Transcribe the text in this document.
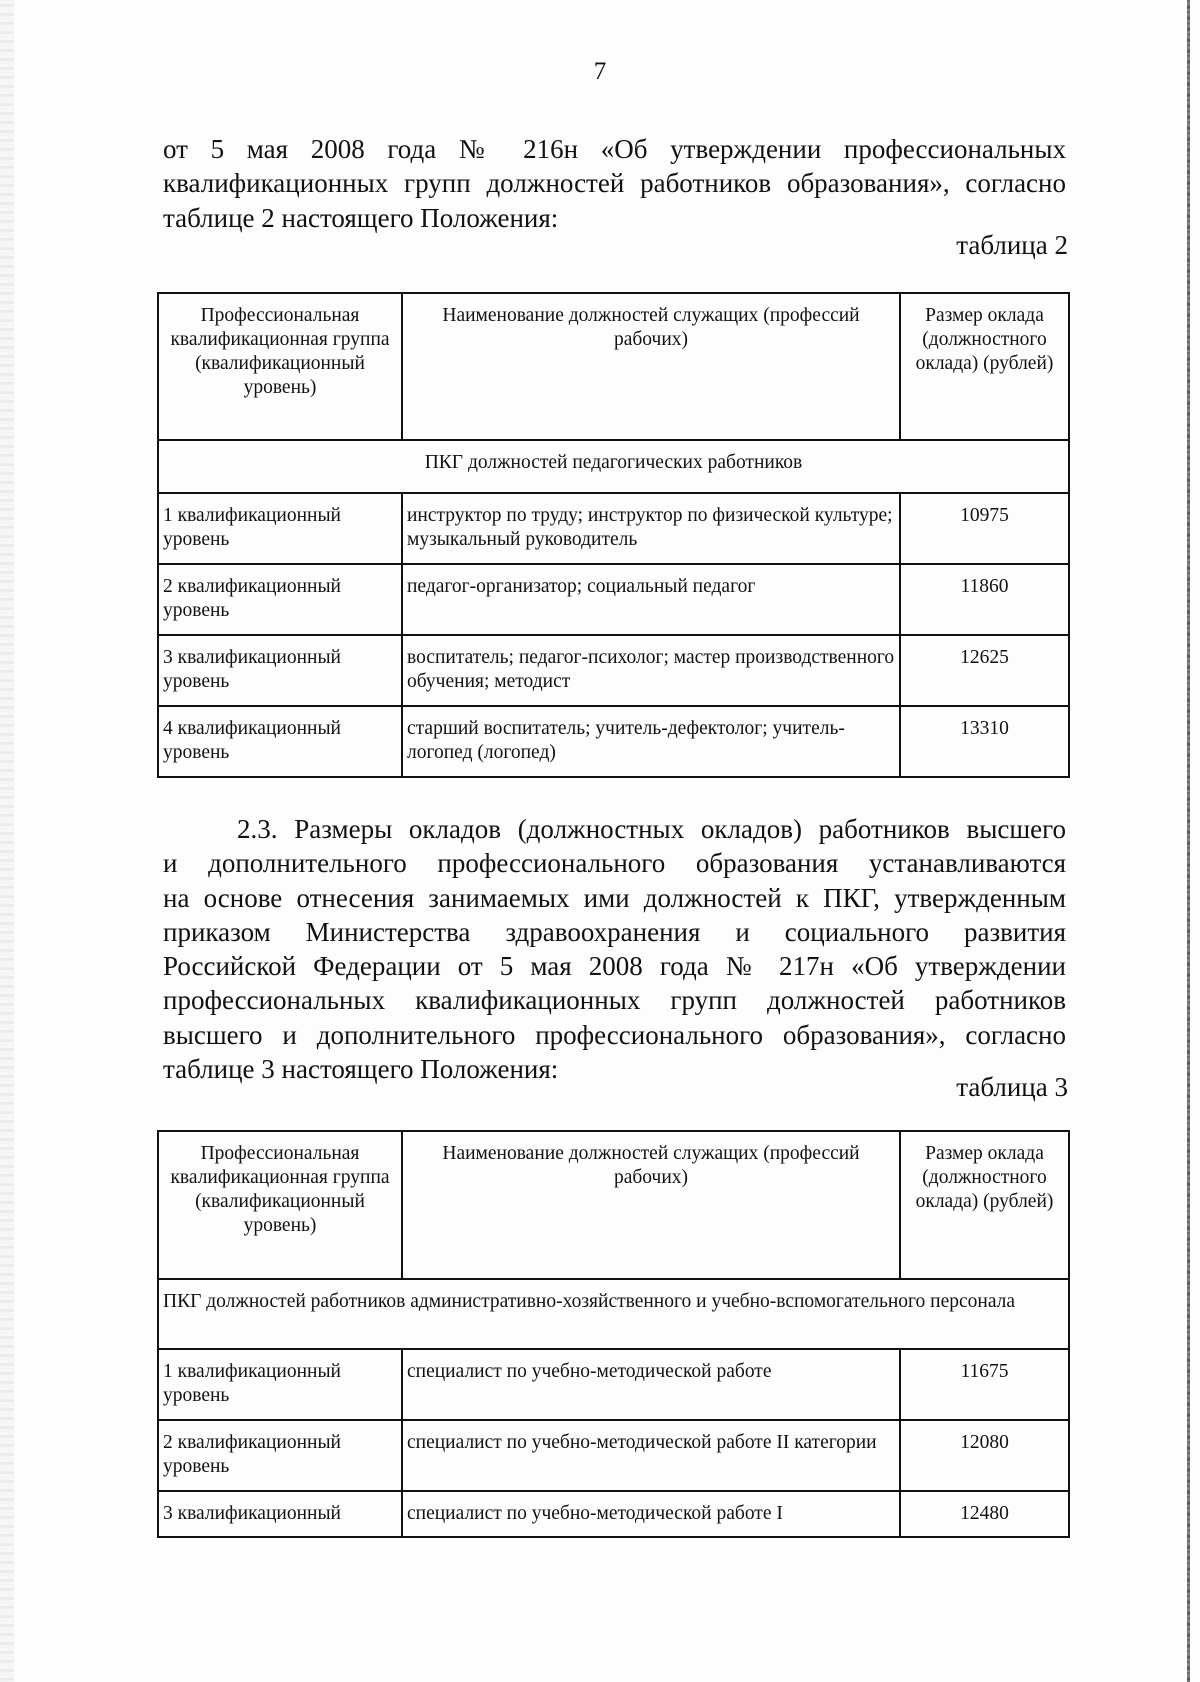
7
от 5 мая 2008 года № 216н «Об утверждении профессиональных
квалификационных групп должностей работников образования», согласно
таблице 2 настоящего Положения:
таблица 2
Профессиональная квалификационная группа (квалификационный уровень)	Наименование должностей служащих (профессий рабочих)	Размер оклада (должностного оклада) (рублей)
ПКГ должностей педагогических работников		
1 квалификационный уровень	инструктор по труду; инструктор по физической культуре; музыкальный руководитель	10975
2 квалификационный уровень	педагог-организатор; социальный педагог	11860
3 квалификационный уровень	воспитатель; педагог-психолог; мастер производственного обучения; методист	12625
4 квалификационный уровень	старший воспитатель; учитель-дефектолог; учитель-логопед (логопед)	13310
2.3. Размеры окладов (должностных окладов) работников высшего
и дополнительного профессионального образования устанавливаются
на основе отнесения занимаемых ими должностей к ПКГ, утвержденным
приказом Министерства здравоохранения и социального развития
Российской Федерации от 5 мая 2008 года № 217н «Об утверждении
профессиональных квалификационных групп должностей работников
высшего и дополнительного профессионального образования», согласно
таблице 3 настоящего Положения:
таблица 3
Профессиональная квалификационная группа (квалификационный уровень)	Наименование должностей служащих (профессий рабочих)	Размер оклада (должностного оклада) (рублей)
ПКГ должностей работников административно-хозяйственного и учебно-вспомогательного персонала		
1 квалификационный уровень	специалист по учебно-методической работе	11675
2 квалификационный уровень	специалист по учебно-методической работе II категории	12080
3 квалификационный	специалист по учебно-методической работе I	12480
